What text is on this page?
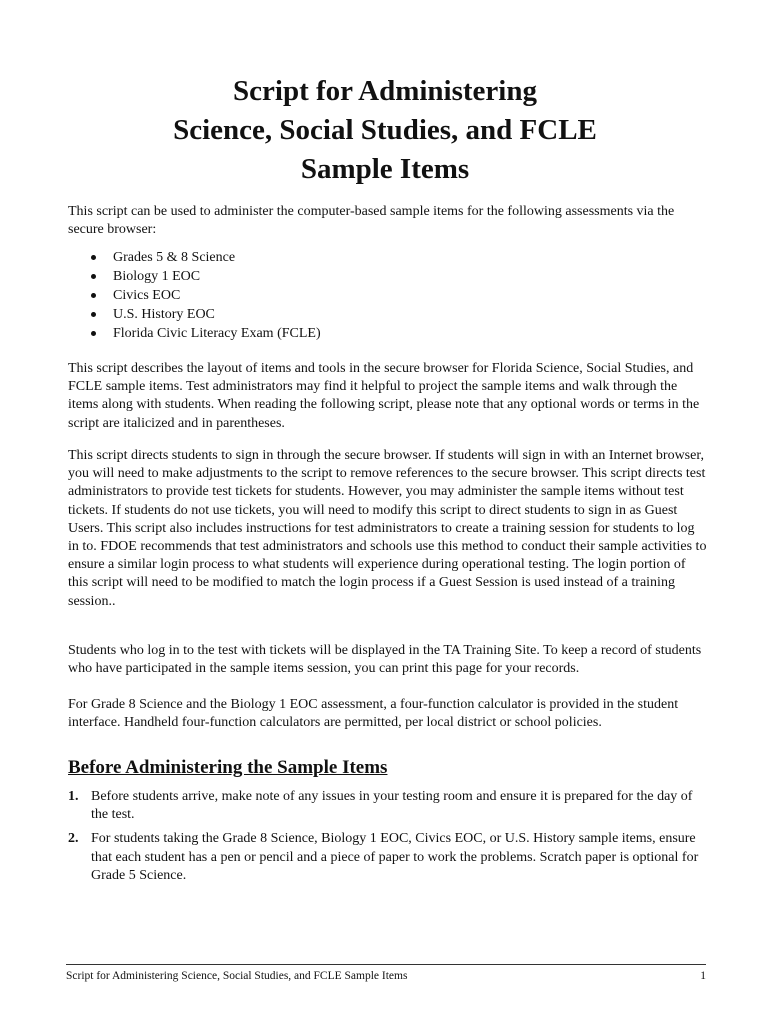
Script for Administering
Science, Social Studies, and FCLE
Sample Items
This script can be used to administer the computer-based sample items for the following assessments via the secure browser:
Grades 5 & 8 Science
Biology 1 EOC
Civics EOC
U.S. History EOC
Florida Civic Literacy Exam (FCLE)
This script describes the layout of items and tools in the secure browser for Florida Science, Social Studies, and FCLE sample items. Test administrators may find it helpful to project the sample items and walk through the items along with students. When reading the following script, please note that any optional words or terms in the script are italicized and in parentheses.
This script directs students to sign in through the secure browser. If students will sign in with an Internet browser, you will need to make adjustments to the script to remove references to the secure browser. This script directs test administrators to provide test tickets for students. However, you may administer the sample items without test tickets. If students do not use tickets, you will need to modify this script to direct students to sign in as Guest Users. This script also includes instructions for test administrators to create a training session for students to log in to. FDOE recommends that test administrators and schools use this method to conduct their sample activities to ensure a similar login process to what students will experience during operational testing. The login portion of this script will need to be modified to match the login process if a Guest Session is used instead of a training session..
Students who log in to the test with tickets will be displayed in the TA Training Site. To keep a record of students who have participated in the sample items session, you can print this page for your records.
For Grade 8 Science and the Biology 1 EOC assessment, a four-function calculator is provided in the student interface. Handheld four-function calculators are permitted, per local district or school policies.
Before Administering the Sample Items
1. Before students arrive, make note of any issues in your testing room and ensure it is prepared for the day of the test.
2. For students taking the Grade 8 Science, Biology 1 EOC, Civics EOC, or U.S. History sample items, ensure that each student has a pen or pencil and a piece of paper to work the problems. Scratch paper is optional for Grade 5 Science.
Script for Administering Science, Social Studies, and FCLE Sample Items	1
